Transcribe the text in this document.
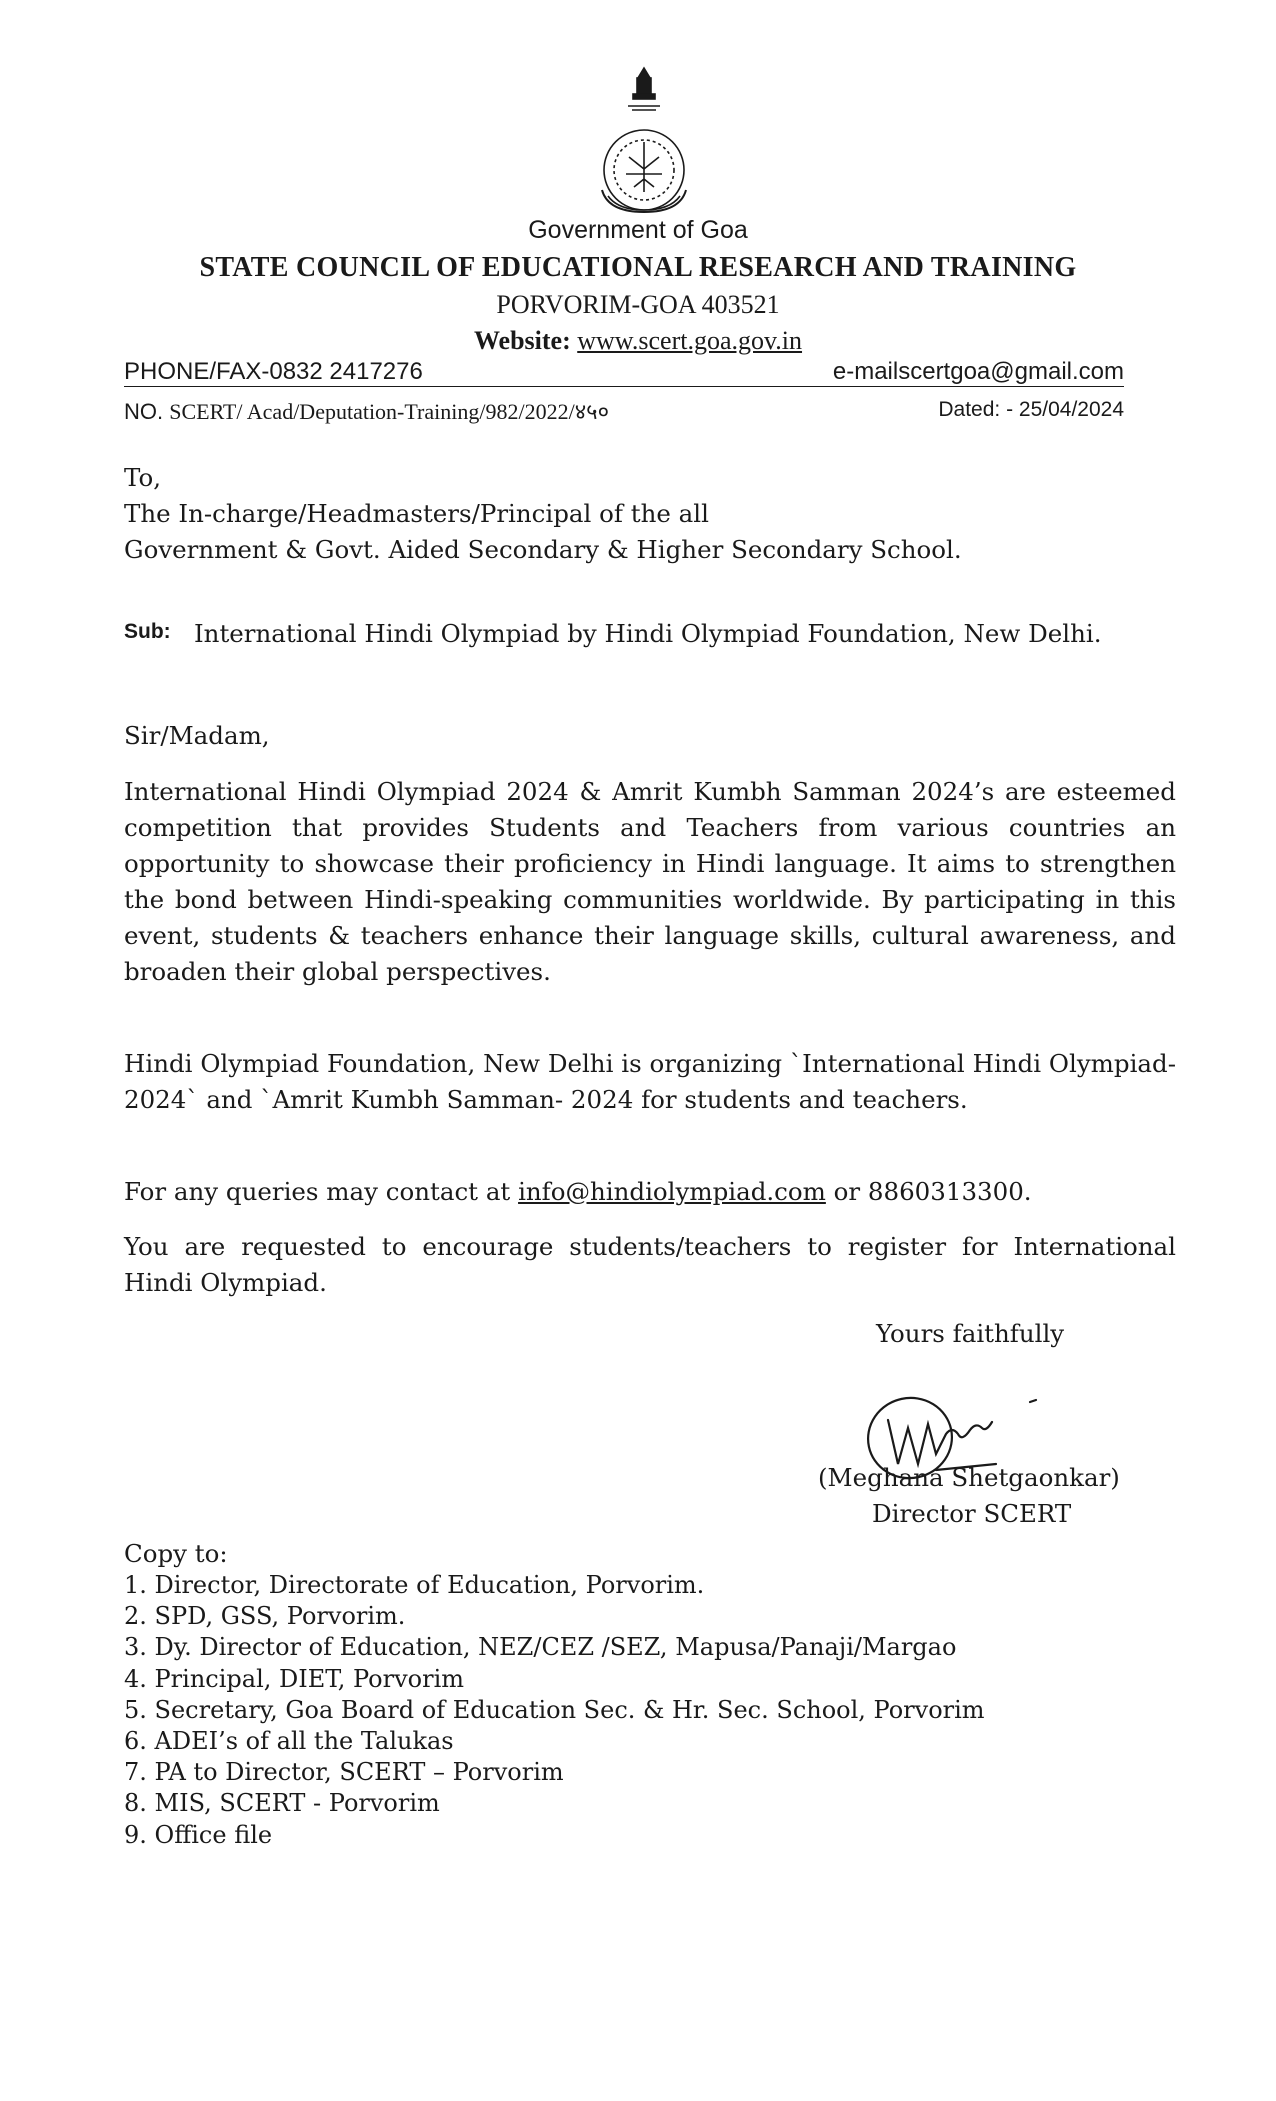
Government of Goa
STATE COUNCIL OF EDUCATIONAL RESEARCH AND TRAINING
PORVORIM-GOA 403521
Website: www.scert.goa.gov.in
PHONE/FAX-0832 2417276	e-mailscertgoa@gmail.com
NO. SCERT/ Acad/Deputation-Training/982/2022/४५०	Dated: - 25/04/2024
To,
The In-charge/Headmasters/Principal of the all
Government & Govt. Aided Secondary & Higher Secondary School.
Sub: International Hindi Olympiad by Hindi Olympiad Foundation, New Delhi.
Sir/Madam,
International Hindi Olympiad 2024 & Amrit Kumbh Samman 2024’s are esteemed competition that provides Students and Teachers from various countries an opportunity to showcase their proficiency in Hindi language. It aims to strengthen the bond between Hindi-speaking communities worldwide. By participating in this event, students & teachers enhance their language skills, cultural awareness, and broaden their global perspectives.
Hindi Olympiad Foundation, New Delhi is organizing `International Hindi Olympiad-2024` and `Amrit Kumbh Samman- 2024 for students and teachers.
For any queries may contact at info@hindiolympiad.com or 8860313300.
You are requested to encourage students/teachers to register for International Hindi Olympiad.
Yours faithfully
(Meghana Shetgaonkar)
Director SCERT
Copy to:
1. Director, Directorate of Education, Porvorim.
2. SPD, GSS, Porvorim.
3. Dy. Director of Education, NEZ/CEZ /SEZ, Mapusa/Panaji/Margao
4. Principal, DIET, Porvorim
5. Secretary, Goa Board of Education Sec. & Hr. Sec. School, Porvorim
6. ADEI’s of all the Talukas
7. PA to Director, SCERT – Porvorim
8. MIS, SCERT - Porvorim
9. Office file
